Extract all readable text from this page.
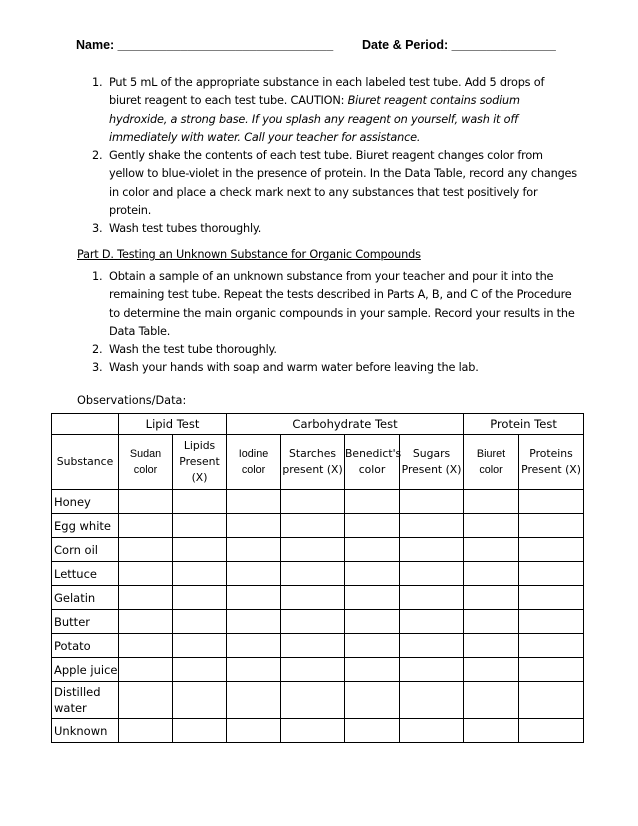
Name: _______________________________ Date & Period: _______________
1. Put 5 mL of the appropriate substance in each labeled test tube. Add 5 drops of biuret reagent to each test tube. CAUTION: Biuret reagent contains sodium hydroxide, a strong base. If you splash any reagent on yourself, wash it off immediately with water. Call your teacher for assistance.
2. Gently shake the contents of each test tube. Biuret reagent changes color from yellow to blue-violet in the presence of protein. In the Data Table, record any changes in color and place a check mark next to any substances that test positively for protein.
3. Wash test tubes thoroughly.
Part D. Testing an Unknown Substance for Organic Compounds
1. Obtain a sample of an unknown substance from your teacher and pour it into the remaining test tube. Repeat the tests described in Parts A, B, and C of the Procedure to determine the main organic compounds in your sample. Record your results in the Data Table.
2. Wash the test tube thoroughly.
3. Wash your hands with soap and warm water before leaving the lab.
Observations/Data:
	Lipid Test		Carbohydrate Test				Protein Test	
Substance	Sudan color	Lipids Present (X)	Iodine color	Starches present (X)	Benedict's color	Sugars Present (X)	Biuret color	Proteins Present (X)
Honey								
Egg white								
Corn oil								
Lettuce								
Gelatin								
Butter								
Potato								
Apple juice								
Distilled water								
Unknown								
